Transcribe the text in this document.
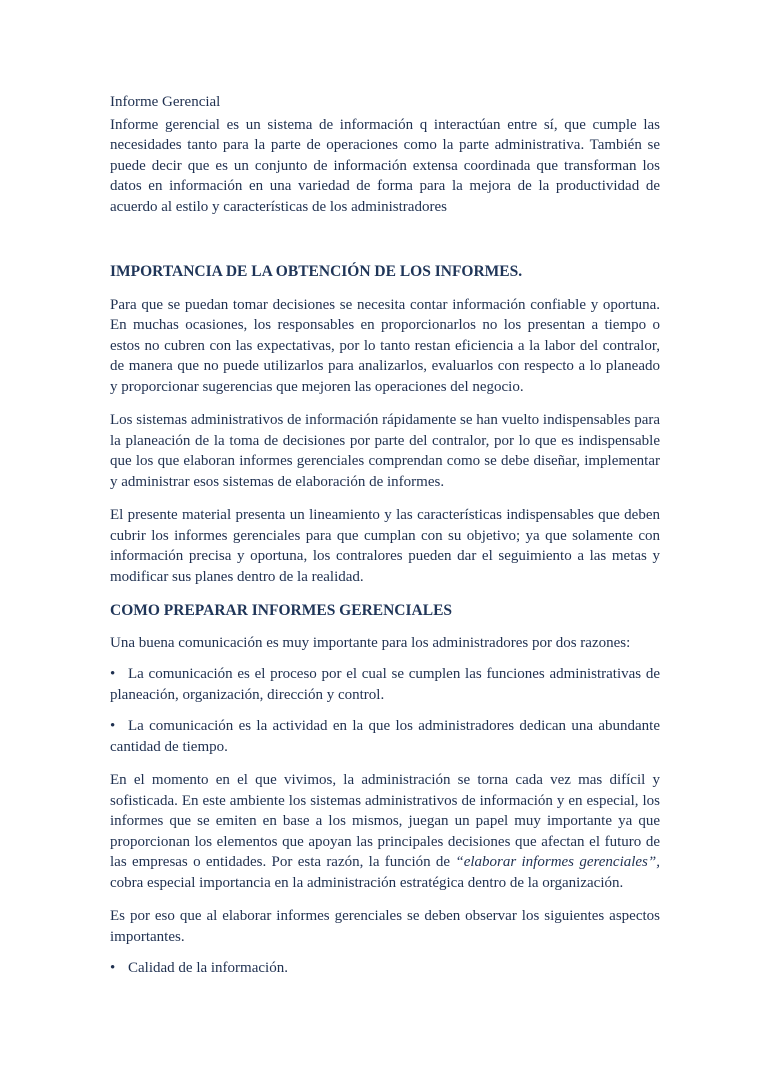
Informe Gerencial

Informe gerencial es un sistema de información q interactúan entre sí, que cumple las necesidades tanto para la parte de operaciones como la parte administrativa. También se puede decir que es un conjunto de información extensa coordinada que transforman los datos en información en una variedad de forma para la mejora de la productividad de acuerdo al estilo y características de los administradores

IMPORTANCIA DE LA OBTENCIÓN DE LOS INFORMES.

Para que se puedan tomar decisiones se necesita contar información confiable y oportuna. En muchas ocasiones, los responsables en proporcionarlos no los presentan a tiempo o estos no cubren con las expectativas, por lo tanto restan eficiencia a la labor del contralor, de manera que no puede utilizarlos para analizarlos, evaluarlos con respecto a lo planeado y proporcionar sugerencias que mejoren las operaciones del negocio.

Los sistemas administrativos de información rápidamente se han vuelto indispensables para la planeación de la toma de decisiones por parte del contralor, por lo que es indispensable que los que elaboran informes gerenciales comprendan como se debe diseñar, implementar y administrar esos sistemas de elaboración de informes.

El presente material presenta un lineamiento y las características indispensables que deben cubrir los informes gerenciales para que cumplan con su objetivo; ya que solamente con información precisa y oportuna, los contralores pueden dar el seguimiento a las metas y modificar sus planes dentro de la realidad.

COMO PREPARAR INFORMES GERENCIALES

Una buena comunicación es muy importante para los administradores por dos razones:

• La comunicación es el proceso por el cual se cumplen las funciones administrativas de planeación, organización, dirección y control.

• La comunicación es la actividad en la que los administradores dedican una abundante cantidad de tiempo.

En el momento en el que vivimos, la administración se torna cada vez mas difícil y sofisticada. En este ambiente los sistemas administrativos de información y en especial, los informes que se emiten en base a los mismos, juegan un papel muy importante ya que proporcionan los elementos que apoyan las principales decisiones que afectan el futuro de las empresas o entidades. Por esta razón, la función de “elaborar informes gerenciales”, cobra especial importancia en la administración estratégica dentro de la organización.

Es por eso que al elaborar informes gerenciales se deben observar los siguientes aspectos importantes.

• Calidad de la información.
